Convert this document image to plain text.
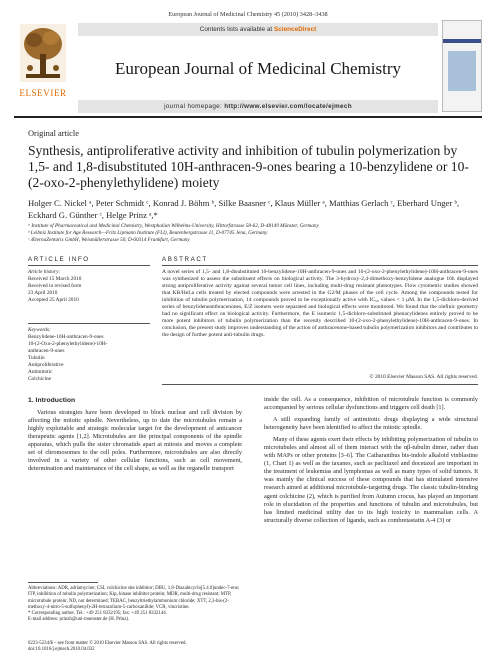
European Journal of Medicinal Chemistry 45 (2010) 3428–3438
ELSEVIER
Contents lists available at ScienceDirect
European Journal of Medicinal Chemistry
journal homepage: http://www.elsevier.com/locate/ejmech
Original article
Synthesis, antiproliferative activity and inhibition of tubulin polymerization by 1,5- and 1,8-disubstituted 10H-anthracen-9-ones bearing a 10-benzylidene or 10-(2-oxo-2-phenylethylidene) moiety
Holger C. Nickel ᵃ, Peter Schmidt ᶜ, Konrad J. Böhm ᵇ, Silke Baasner ᶜ, Klaus Müller ᵃ, Matthias Gerlach ᶜ, Eberhard Unger ᵇ, Eckhard G. Günther ᶜ, Helge Prinz ᵃ,*
ᵃ Institute of Pharmaceutical and Medicinal Chemistry, Westphalian Wilhelms-University, Hittorfstrasse 58-62, D-48149 Münster, Germany
ᵇ Leibniz Institute for Age Research—Fritz Lipmann Institute (FLI), Beutenbergstrasse 11, D-07745 Jena, Germany
ᶜ ÆternaZentaris GmbH, Weismüllerstrasse 50, D-60314 Frankfurt, Germany
ARTICLE INFO	ABSTRACT
Article history:
Received 15 March 2010
Received in revised form
23 April 2010
Accepted 25 April 2010
Keywords:
Benzylidene-10H-anthracen-9-ones
10-(2-Oxo-2-phenylethylidene)-10H-
anthracen-9-ones
Tubulin
Antiproliferative
Antimitotic
Colchicine
A novel series of 1,5- and 1,8-disubstituted 10-benzylidene-10H-anthracen-9-ones and 10-(2-oxo-2-phenylethylidene)-10H-anthracen-9-ones was synthesized to assess the substituent effects on biological activity. The 3-hydroxy-2,4-dimethoxy-benzylidene analogue 16h displayed strong antiproliferative activity against several tumor cell lines, including multi-drug resistant phenotypes. Flow cytometric studies showed that KB/HeLa cells treated by elected compounds were arrested in the G2/M phases of the cell cycle. Among the compounds tested for inhibition of tubulin polymerization, 14 compounds proved to be exceptionally active with IC₅₀ values < 1 μM. In the 1,5-dichloro-derived series of benzylideneanthracenones, E/Z isomers were separated and biological effects were monitored. We found that the olefinic geometry had no significant effect on biological activity. Furthermore, the E isomeric 1,5-dichloro-substituted phenacylidenes entirely proved to be more potent inhibitors of tubulin polymerization than the recently described 10-(2-oxo-2-phenylethylidene)-10H-anthracen-9-ones. In conclusion, the present study improves understanding of the action of anthracenone-based tubulin polymerization inhibitors and contributes to the design of further potent anti-tubulin drugs.
© 2010 Elsevier Masson SAS. All rights reserved.
1. Introduction

Various strategies have been developed to block nuclear and cell division by affecting the mitotic spindle. Nevertheless, up to date the microtubules remain a highly exploitable and strategic molecular target for the development of anticancer therapeutic agents [1,2]. Microtubules are the principal components of the spindle apparatus, which pulls the sister chromatids apart at mitosis and moves a complete set of chromosomes to the cell poles. Furthermore, microtubules are also directly involved in a variety of other cellular functions, such as cell movement, determination and maintenance of the cell shape, as well as the organelle transport

inside the cell. As a consequence, inhibition of microtubule function is commonly accompanied by serious cellular dysfunctions and triggers cell death [1].

A still expanding family of antimitotic drugs displaying a wide structural heterogeneity have been identified to affect the mitotic spindle.

Many of these agents exert their effects by inhibiting polymerization of tubulin to microtubules and almost all of them interact with the αβ-tubulin dimer, rather than with MAPs or other proteins [3–6]. The Catharanthus bis-indole alkaloid vinblastine (1, Chart 1) as well as the taxanes, such as paclitaxel and docetaxel are important in the treatment of leukemias and lymphomas as well as many types of solid tumors. It was mainly the clinical success of these compounds that has stimulated intensive research aimed at additional microtubule-targeting drugs. The classic tubulin-binding agent colchicine (2), which is purified from Autumn crocus, has played an important role in elucidation of the properties and functions of tubulin and microtubules, but has limited medicinal utility due to its high toxicity to mammalian cells. A structurally diverse collection of ligands, such as combretastatin A-4 (3) or

Abbreviations: ADR, adriamycine; CSI, colchicine site inhibitor; DBU, 1,8-Diazabicyclo[5.4.0]undec-7-ene; ITP, inhibition of tubulin polymerization; Kip, kinase inhibitor protein; MDR, multi-drug resistant; MTP, microtubule protein; ND, not determined; TEBAC, benzyltriethylammonium chloride; XTT, 2,3-bis-(2-methoxy-4-nitro-5-sulfophenyl)-2H-tetrazolium-5-carboxanilide; VCR, vincristine.
* Corresponding author. Tel.: +49 251 8332195; fax: +49 251 8332144.
E-mail address: prinzh@uni-muenster.de (H. Prinz).
0223-5234/$ – see front matter © 2010 Elsevier Masson SAS. All rights reserved.
doi:10.1016/j.ejmech.2010.04.032
